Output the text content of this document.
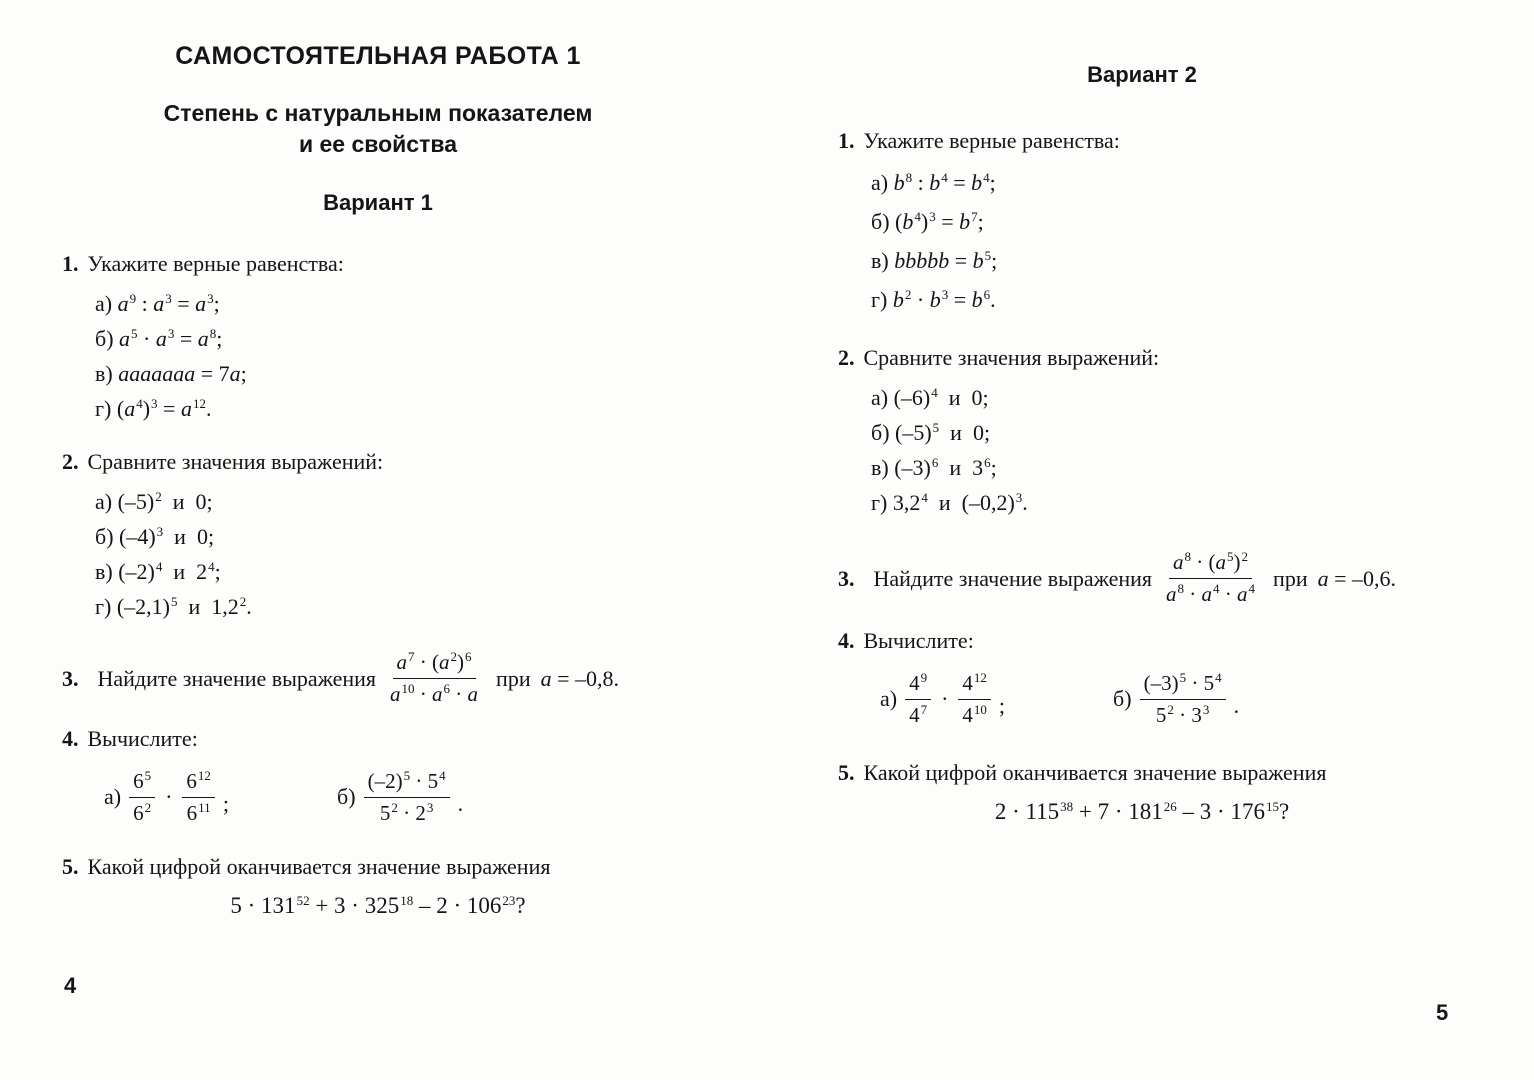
САМОСТОЯТЕЛЬНАЯ РАБОТА 1
Степень с натуральным показателем
и ее свойства
Вариант 1
1. Укажите верные равенства:
а) $a^9$ : $a^3 = a^3$;
б) $a^5 \cdot a^3 = a^8$;
в) aaaaaaa = 7a;
г) $(a^4)^3 = a^{12}$.
2. Сравните значения выражений:
а) $(-5)^2$  и  0;
б) $(-4)^3$  и  0;
в) $(-2)^4$  и  $2^4$;
г) $(-2,1)^5$  и  $1,2^2$.
3. Найдите значение выражения $\frac{a^7 \cdot (a^2)^6}{a^{10} \cdot a^6 \cdot a}$ при a = –0,8.
4. Вычислите:
$а) \frac{6^5}{6^2} \cdot \frac{6^{12}}{6^{11}}$ ;	$б) \frac{(-2)^5 \cdot 5^4}{5^2 \cdot 2^3}$ .
5. Какой цифрой оканчивается значение выражения
$5 \cdot 131^{52} + 3 \cdot 325^{18} - 2 \cdot 106^{23}$?
Вариант 2
1. Укажите верные равенства:
а) $b^8$ : $b^4 = b^4$;
б) $(b^4)^3 = b^7$;
в) bbbbb = $b^5$;
г) $b^2 \cdot b^3 = b^6$.
2. Сравните значения выражений:
а) $(-6)^4$  и  0;
б) $(-5)^5$  и  0;
в) $(-3)^6$  и  $3^6$;
г) $3,2^4$  и  $(-0,2)^3$.
3. Найдите значение выражения $\frac{a^8 \cdot (a^5)^2}{a^8 \cdot a^4 \cdot a^4}$ при a = –0,6.
4. Вычислите:
$а) \frac{4^9}{4^7} \cdot \frac{4^{12}}{4^{10}}$ ;	$б) \frac{(-3)^5 \cdot 5^4}{5^2 \cdot 3^3}$ .
5. Какой цифрой оканчивается значение выражения
$2 \cdot 115^{38} + 7 \cdot 181^{26} - 3 \cdot 176^{15}$?
4
5
